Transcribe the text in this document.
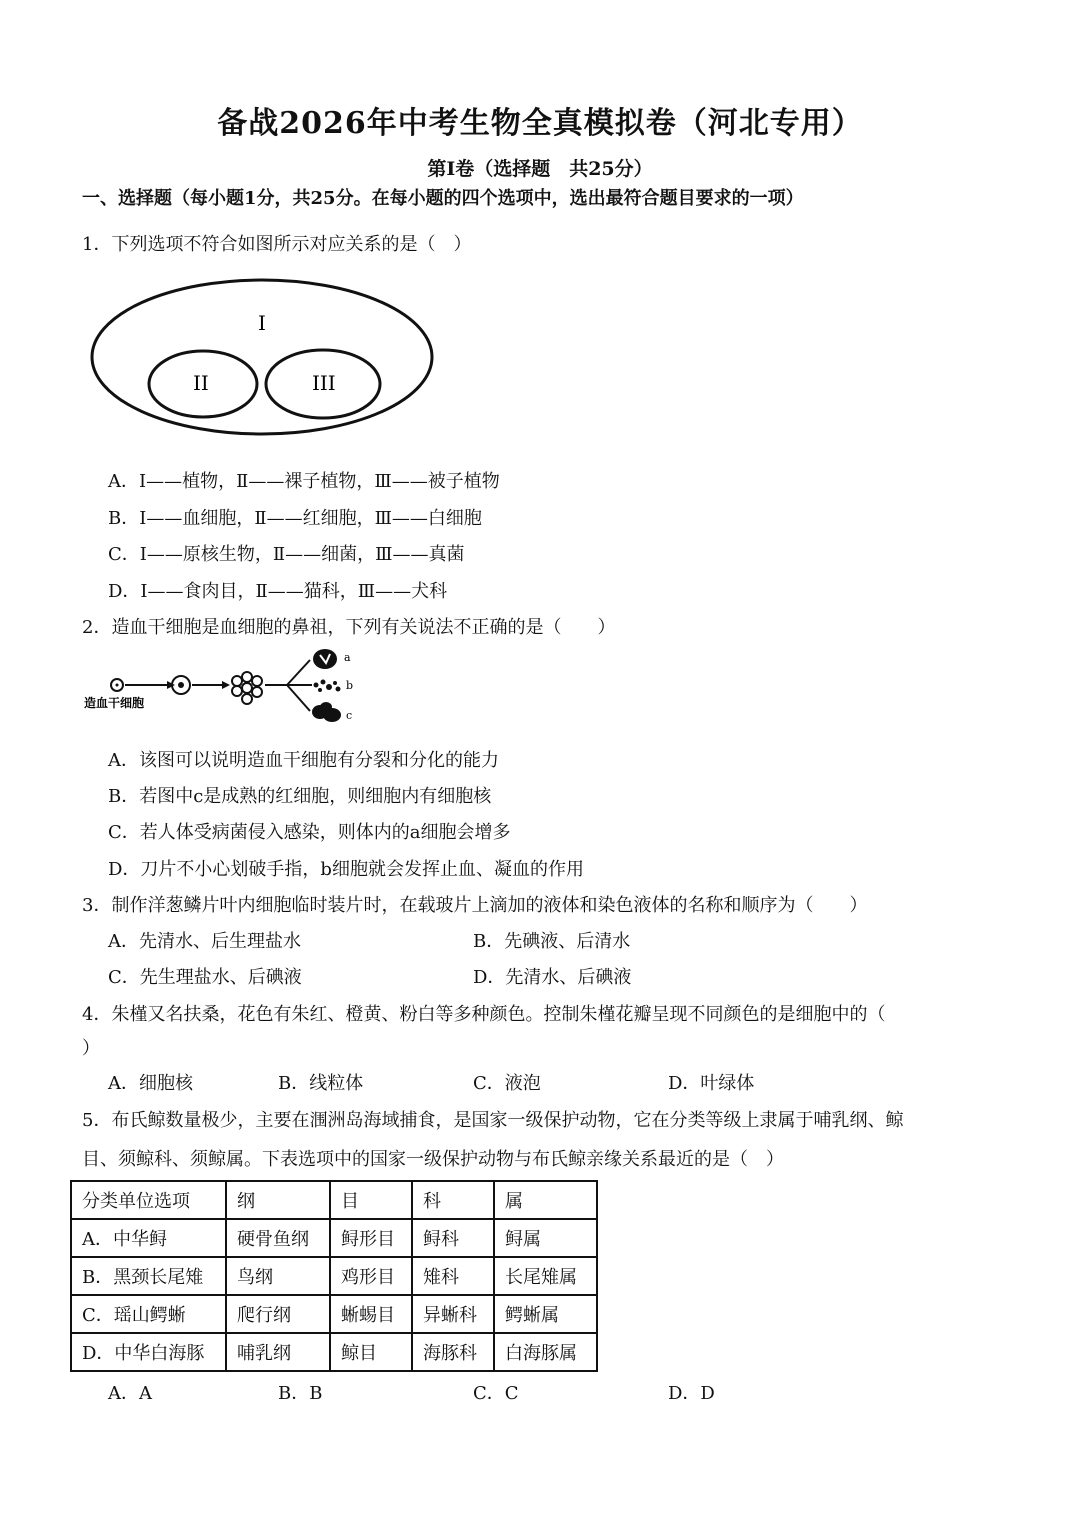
备战2026年中考生物全真模拟卷（河北专用）
第I卷（选择题　共25分）
一、选择题（每小题1分，共25分。在每小题的四个选项中，选出最符合题目要求的一项）
1．下列选项不符合如图所示对应关系的是（　）
I
II	III
A．Ⅰ——植物，Ⅱ——裸子植物，Ⅲ——被子植物
B．Ⅰ——血细胞，Ⅱ——红细胞，Ⅲ——白细胞
C．Ⅰ——原核生物，Ⅱ——细菌，Ⅲ——真菌
D．Ⅰ——食肉目，Ⅱ——猫科，Ⅲ——犬科
2．造血干细胞是血细胞的鼻祖，下列有关说法不正确的是（　　）
a
b
c
造血干细胞
A．该图可以说明造血干细胞有分裂和分化的能力
B．若图中c是成熟的红细胞，则细胞内有细胞核
C．若人体受病菌侵入感染，则体内的a细胞会增多
D．刀片不小心划破手指，b细胞就会发挥止血、凝血的作用
3．制作洋葱鳞片叶内细胞临时装片时，在载玻片上滴加的液体和染色液体的名称和顺序为（　　）
A．先清水、后生理盐水	B．先碘液、后清水
C．先生理盐水、后碘液	D．先清水、后碘液
4．朱槿又名扶桑，花色有朱红、橙黄、粉白等多种颜色。控制朱槿花瓣呈现不同颜色的是细胞中的（
）
A．细胞核	B．线粒体	C．液泡	D．叶绿体
5．布氏鲸数量极少，主要在涠洲岛海域捕食，是国家一级保护动物，它在分类等级上隶属于哺乳纲、鲸
目、须鲸科、须鲸属。下表选项中的国家一级保护动物与布氏鲸亲缘关系最近的是（　）
分类单位选项	纲	目	科	属
A．中华鲟	硬骨鱼纲	鲟形目	鲟科	鲟属
B．黑颈长尾雉	鸟纲	鸡形目	雉科	长尾雉属
C．瑶山鳄蜥	爬行纲	蜥蜴目	异蜥科	鳄蜥属
D．中华白海豚	哺乳纲	鲸目	海豚科	白海豚属
A．A	B．B	C．C	D．D
